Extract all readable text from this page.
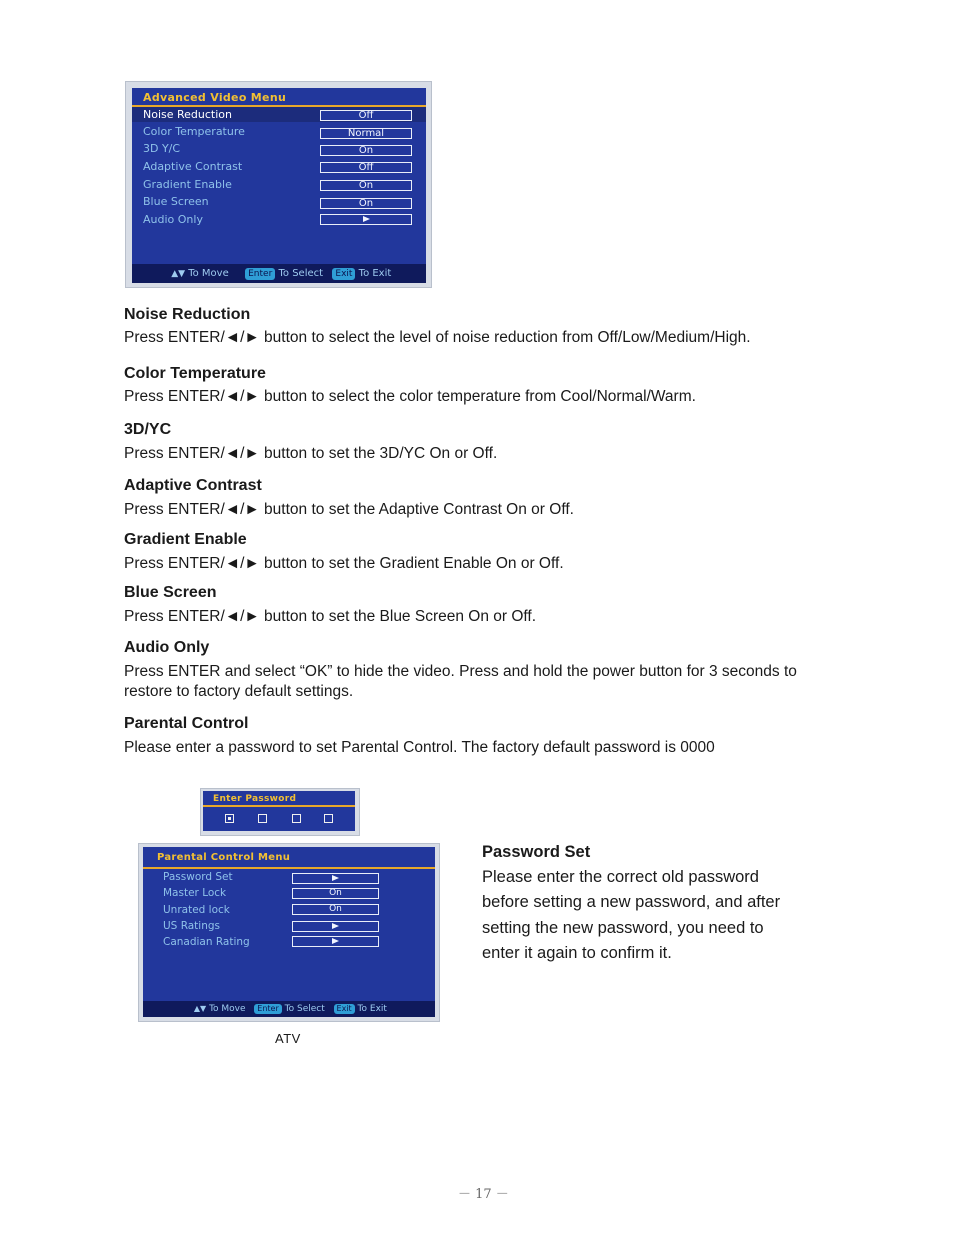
Advanced Video Menu
Noise Reduction	Off
Color Temperature	Normal
3D Y/C	On
Adaptive Contrast	Off
Gradient Enable	On
Blue Screen	On
Audio Only
▲▼ To Move Enter To Select Exit To Exit
Noise Reduction
Press ENTER/◄/► button to select the level of noise reduction from Off/Low/Medium/High.
Color Temperature
Press ENTER/◄/► button to select the color temperature from Cool/Normal/Warm.
3D/YC
Press ENTER/◄/► button to set the 3D/YC On or Off.
Adaptive Contrast
Press ENTER/◄/► button to set the Adaptive Contrast On or Off.
Gradient Enable
Press ENTER/◄/► button to set the Gradient Enable On or Off.
Blue Screen
Press ENTER/◄/► button to set the Blue Screen On or Off.
Audio Only
Press ENTER and select “OK” to hide the video. Press and hold the power button for 3 seconds to
restore to factory default settings.
Parental Control
Please enter a password to set Parental Control. The factory default password is 0000
Enter Password
Parental Control Menu
Password Set
Master Lock	On
Unrated lock	On
US Ratings
Canadian Rating
▲▼ To Move Enter To Select Exit To Exit
ATV
Password Set
Please enter the correct old password
before setting a new password, and after
setting the new password, you need to
enter it again to confirm it.
－ 17 －
